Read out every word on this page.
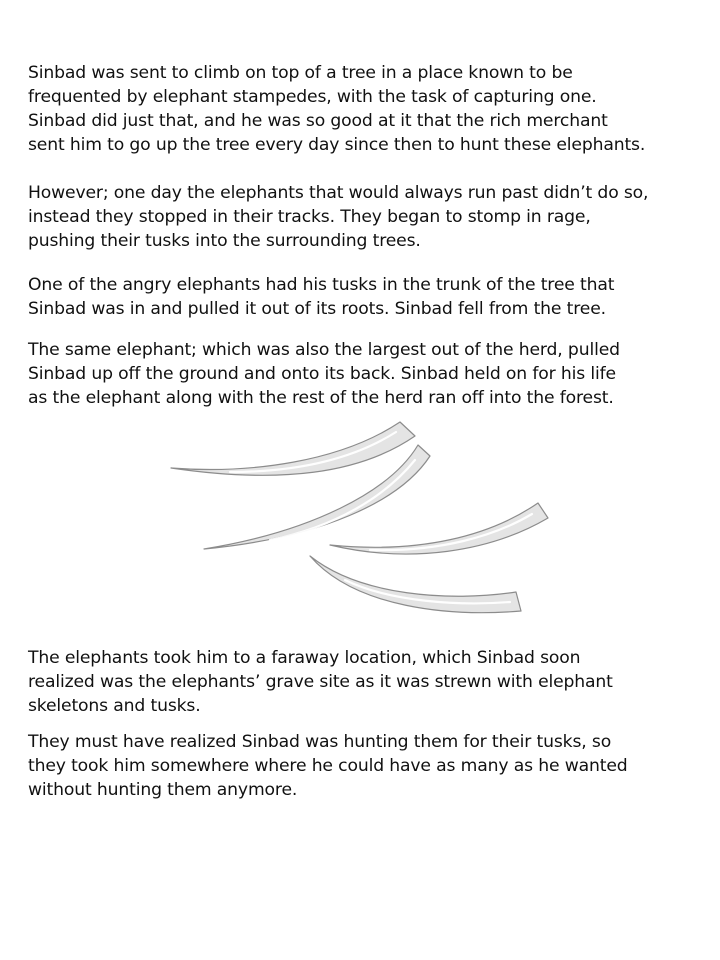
Sinbad was sent to climb on top of a tree in a place known to be
frequented by elephant stampedes, with the task of capturing one.
Sinbad did just that, and he was so good at it that the rich merchant
sent him to go up the tree every day since then to hunt these elephants.

However; one day the elephants that would always run past didn’t do so,
instead they stopped in their tracks. They began to stomp in rage,
pushing their tusks into the surrounding trees.

One of the angry elephants had his tusks in the trunk of the tree that
Sinbad was in and pulled it out of its roots. Sinbad fell from the tree.

The same elephant; which was also the largest out of the herd, pulled
Sinbad up off the ground and onto its back. Sinbad held on for his life
as the elephant along with the rest of the herd ran off into the forest.

The elephants took him to a faraway location, which Sinbad soon
realized was the elephants’ grave site as it was strewn with elephant
skeletons and tusks.

They must have realized Sinbad was hunting them for their tusks, so
they took him somewhere where he could have as many as he wanted
without hunting them anymore.
